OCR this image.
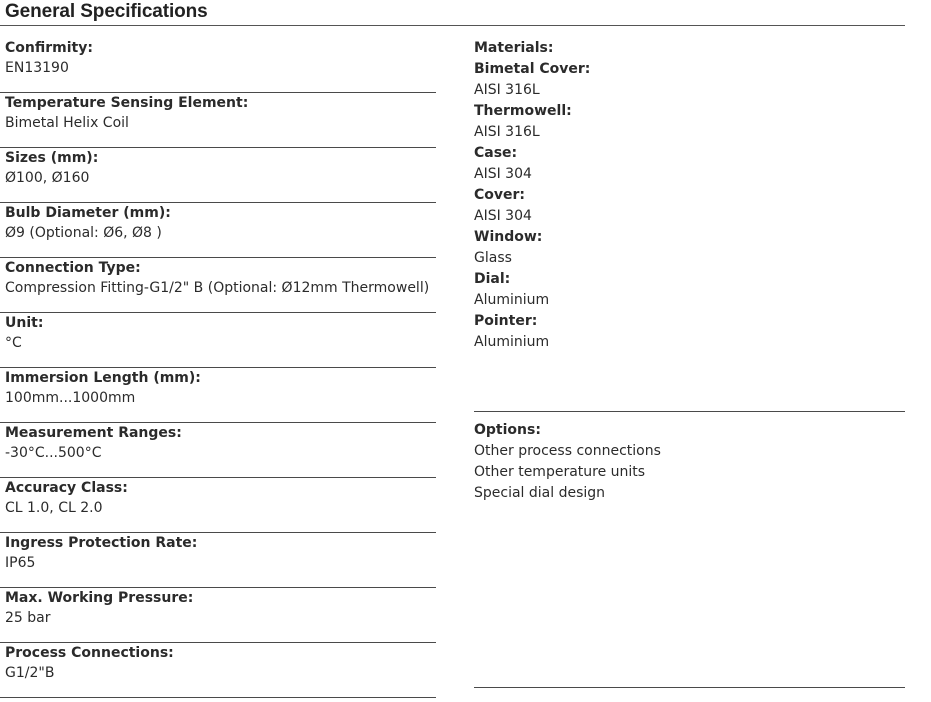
General Specifications
Confirmity:
EN13190
Temperature Sensing Element:
Bimetal Helix Coil
Sizes (mm):
Ø100, Ø160
Bulb Diameter (mm):
Ø9 (Optional: Ø6, Ø8 )
Connection Type:
Compression Fitting-G1/2" B (Optional: Ø12mm Thermowell)
Unit:
°C
Immersion Length (mm):
100mm...1000mm
Measurement Ranges:
-30°C...500°C
Accuracy Class:
CL 1.0, CL 2.0
Ingress Protection Rate:
IP65
Max. Working Pressure:
25 bar
Process Connections:
G1/2"B
Materials:
Bimetal Cover:
AISI 316L
Thermowell:
AISI 316L
Case:
AISI 304
Cover:
AISI 304
Window:
Glass
Dial:
Aluminium
Pointer:
Aluminium
Options:
Other process connections
Other temperature units
Special dial design
